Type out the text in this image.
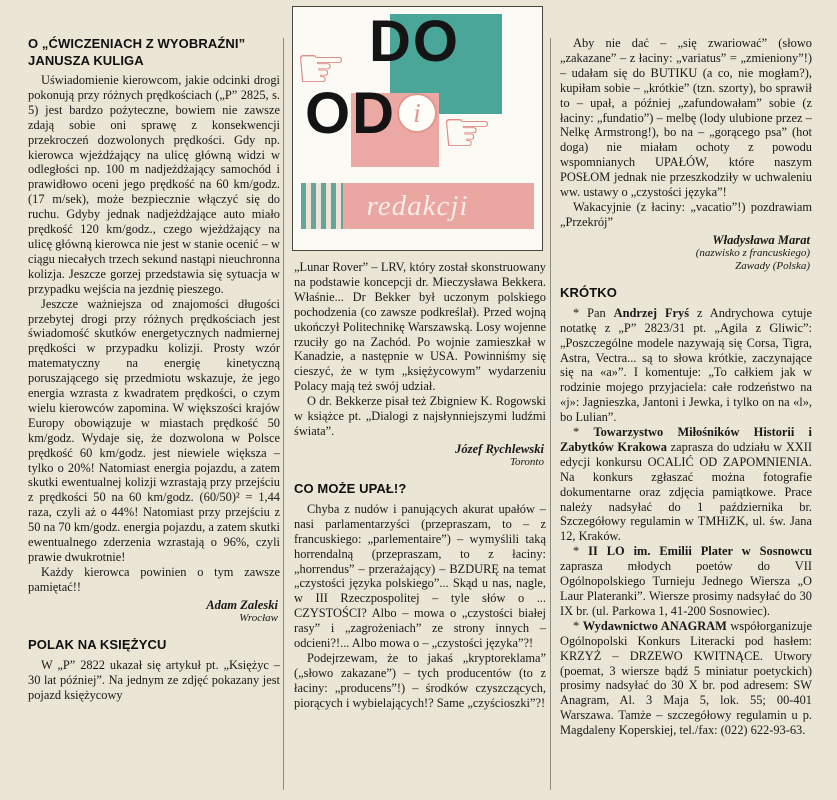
☞ DO
i
OD ☞
redakcji
O „ĆWICZENIACH Z WYOBRAŹNI” JANUSZA KULIGA

Uświadomienie kierowcom, jakie odcinki drogi pokonują przy różnych prędkościach („P” 2825, s. 5) jest bardzo pożyteczne, bowiem nie zawsze zdają sobie oni sprawę z konsekwencji przekroczeń dozwolonych prędkości. Gdy np. kierowca wjeżdżający na ulicę główną widzi w odległości np. 100 m nadjeżdżający samochód i prawidłowo oceni jego prędkość na 60 km/godz. (17 m/sek), może bezpiecznie włączyć się do ruchu. Gdyby jednak nadjeżdżające auto miało prędkość 120 km/godz., czego wjeżdżający na ulicę główną kierowca nie jest w stanie ocenić – w ciągu niecałych trzech sekund nastąpi nieuchronna kolizja. Jeszcze gorzej przedstawia się sytuacja w przypadku wejścia na jezdnię pieszego.

Jeszcze ważniejsza od znajomości długości przebytej drogi przy różnych prędkościach jest świadomość skutków energetycznych nadmiernej prędkości w przypadku kolizji. Prosty wzór matematyczny na energię kinetyczną poruszającego się przedmiotu wskazuje, że jego energia wzrasta z kwadratem prędkości, o czym wielu kierowców zapomina. W większości krajów Europy obowiązuje w miastach prędkość 50 km/godz. Wydaje się, że dozwolona w Polsce prędkość 60 km/godz. jest niewiele większa – tylko o 20%! Natomiast energia pojazdu, a zatem skutki ewentualnej kolizji wzrastają przy przejściu z prędkości 50 na 60 km/godz. (60/50)² = 1,44 raza, czyli aż o 44%! Natomiast przy przejściu z 50 na 70 km/godz. energia pojazdu, a zatem skutki ewentualnego zderzenia wzrastają o 96%, czyli prawie dwukrotnie!

Każdy kierowca powinien o tym zawsze pamiętać!!

Adam Zaleski
Wrocław
POLAK NA KSIĘŻYCU

W „P” 2822 ukazał się artykuł pt. „Księżyc – 30 lat później”. Na jednym ze zdjęć pokazany jest pojazd księżycowy

„Lunar Rover” – LRV, który został skonstruowany na podstawie koncepcji dr. Mieczysława Bekkera. Właśnie... Dr Bekker był uczonym polskiego pochodzenia (co zawsze podkreślał). Przed wojną ukończył Politechnikę Warszawską. Losy wojenne rzuciły go na Zachód. Po wojnie zamieszkał w Kanadzie, a następnie w USA. Powinniśmy się cieszyć, że w tym „księżycowym” wydarzeniu Polacy mają też swój udział.

O dr. Bekkerze pisał też Zbigniew K. Rogowski w książce pt. „Dialogi z najsłynniejszymi ludźmi świata”.

Józef Rychlewski
Toronto
CO MOŻE UPAŁ!?

Chyba z nudów i panujących akurat upałów – nasi parlamentarzyści (przepraszam, to – z francuskiego: „parlementaire”) – wymyślili taką horrendalną (przepraszam, to z łaciny: „horrendus” – przerażający) – BZDURĘ na temat „czystości języka polskiego”... Skąd u nas, nagle, w III Rzeczpospolitej – tyle słów o ... CZYSTOŚCI? Albo – mowa o „czystości białej rasy” i „zagrożeniach” ze strony innych – odcieni?!... Albo mowa o – „czystości języka”?!

Podejrzewam, że to jakaś „kryptoreklama” („słowo zakazane”) – tych producentów (to z łaciny: „producens”!) – środków czyszczących, piorących i wybielających!? Same „czyścioszki”?!

Aby nie dać – „się zwariować” (słowo „zakazane” – z łaciny: „variatus” = „zmieniony”!) – udałam się do BUTIKU (a co, nie mogłam?), kupiłam sobie – „krótkie” (tzn. szorty), bo sprawił to – upał, a później „zafundowałam” sobie (z łaciny: „fundatio”) – melbę (lody ulubione przez – Nelkę Armstrong!), bo na – „gorącego psa” (hot doga) nie miałam ochoty z powodu wspomnianych UPAŁÓW, które naszym POSŁOM jednak nie przeszkodziły w uchwaleniu ww. ustawy o „czystości języka”!

Wakacyjnie (z łaciny: „vacatio”!) pozdrawiam „Przekrój”

Władysława Marat
(nazwisko z francuskiego)
Zawady (Polska)
KRÓTKO

* Pan Andrzej Fryś z Andrychowa cytuje notatkę z „P” 2823/31 pt. „Agila z Gliwic”: „Poszczególne modele nazywają się Corsa, Tigra, Astra, Vectra... są to słowa krótkie, zaczynające się na «a»”. I komentuje: „To całkiem jak w rodzinie mojego przyjaciela: całe rodzeństwo na «j»: Jagnieszka, Jantoni i Jewka, i tylko on na «l», bo Lulian”.

* Towarzystwo Miłośników Historii i Zabytków Krakowa zaprasza do udziału w XXII edycji konkursu OCALIĆ OD ZAPOMNIENIA. Na konkurs zgłaszać można fotografie dokumentarne oraz zdjęcia pamiątkowe. Prace należy nadsyłać do 1 października br. Szczegółowy regulamin w TMHiZK, ul. św. Jana 12, Kraków.

* II LO im. Emilii Plater w Sosnowcu zaprasza młodych poetów do VII Ogólnopolskiego Turnieju Jednego Wiersza „O Laur Plateranki”. Wiersze prosimy nadsyłać do 30 IX br. (ul. Parkowa 1, 41-200 Sosnowiec).

* Wydawnictwo ANAGRAM współorganizuje Ogólnopolski Konkurs Literacki pod hasłem: KRZYŻ – DRZEWO KWITNĄCE. Utwory (poemat, 3 wiersze bądź 5 miniatur poetyckich) prosimy nadsyłać do 30 X br. pod adresem: SW Anagram, Al. 3 Maja 5, lok. 55; 00-401 Warszawa. Tamże – szczegółowy regulamin u p. Magdaleny Koperskiej, tel./fax: (022) 622-93-63.
